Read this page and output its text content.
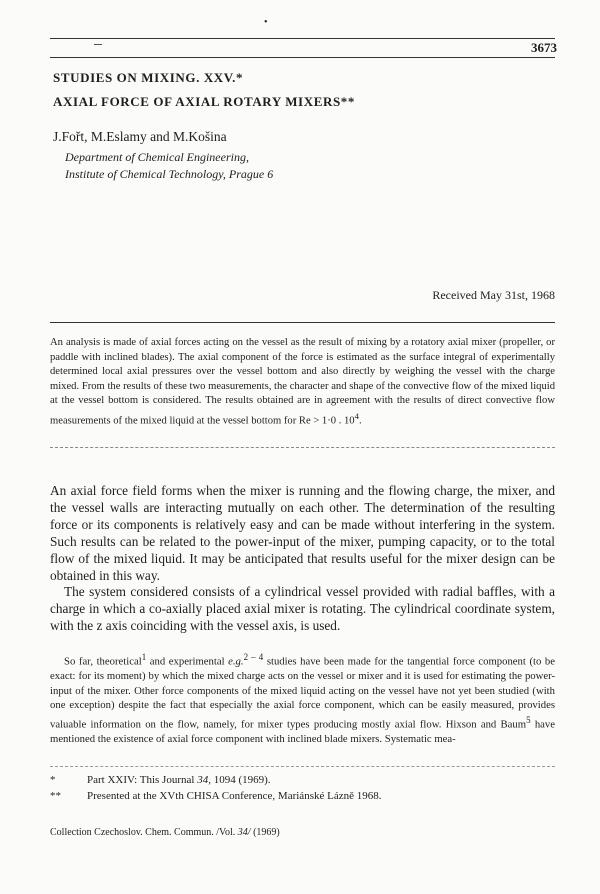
•
3673
STUDIES ON MIXING. XXV.*
AXIAL FORCE OF AXIAL ROTARY MIXERS**
J.Fořt, M.Eslamy and M.Košina
Department of Chemical Engineering,
Institute of Chemical Technology, Prague 6
Received May 31st, 1968
An analysis is made of axial forces acting on the vessel as the result of mixing by a rotatory axial mixer (propeller, or paddle with inclined blades). The axial component of the force is estimated as the surface integral of experimentally determined local axial pressures over the vessel bottom and also directly by weighing the vessel with the charge mixed. From the results of these two measurements, the character and shape of the convective flow of the mixed liquid at the vessel bottom is considered. The results obtained are in agreement with the results of direct convective flow measurements of the mixed liquid at the vessel bottom for Re > 1·0 . $10^4$.
An axial force field forms when the mixer is running and the flowing charge, the mixer, and the vessel walls are interacting mutually on each other. The determination of the resulting force or its components is relatively easy and can be made without interfering in the system. Such results can be related to the power-input of the mixer, pumping capacity, or to the total flow of the mixed liquid. It may be anticipated that results useful for the mixer design can be obtained in this way.
The system considered consists of a cylindrical vessel provided with radial baffles, with a charge in which a co-axially placed axial mixer is rotating. The cylindrical coordinate system, with the z axis coinciding with the vessel axis, is used.
So far, theoretical$^1$ and experimental e.g.$^{2 - 4}$ studies have been made for the tangential force component (to be exact: for its moment) by which the mixed charge acts on the vessel or mixer and it is used for estimating the power-input of the mixer. Other force components of the mixed liquid acting on the vessel have not yet been studied (with one exception) despite the fact that especially the axial force component, which can be easily measured, provides valuable information on the flow, namely, for mixer types producing mostly axial flow. Hixson and Baum$^5$ have mentioned the existence of axial force component with inclined blade mixers. Systematic mea-
*	Part XXIV: This Journal 34, 1094 (1969).
** Presented at the XVth CHISA Conference, Mariánské Lázně 1968.
Collection Czechoslov. Chem. Commun. /Vol. 34/ (1969)
